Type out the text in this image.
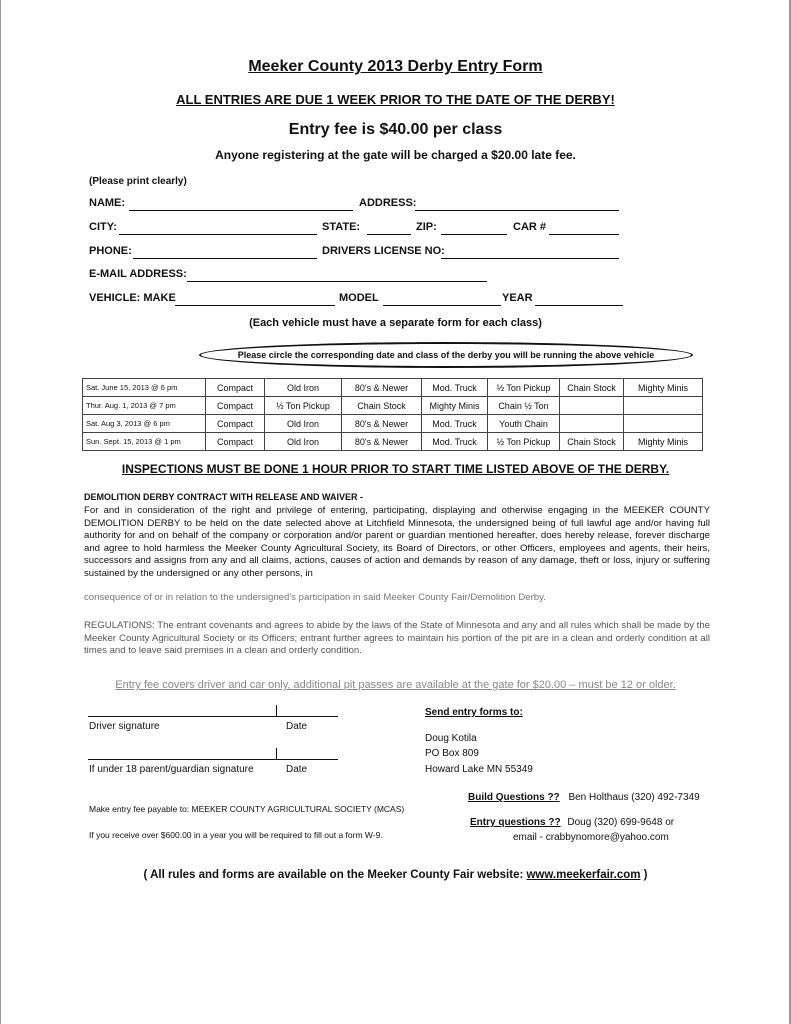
Meeker County 2013 Derby Entry Form
ALL ENTRIES ARE DUE 1 WEEK PRIOR TO THE DATE OF THE DERBY!
Entry fee is $40.00 per class
Anyone registering at the gate will be charged a $20.00 late fee.
(Please print clearly)
NAME:	ADDRESS:
CITY:	STATE:	ZIP:	CAR #
PHONE:	DRIVERS LICENSE NO:
E-MAIL ADDRESS:
VEHICLE: MAKE	MODEL	YEAR
(Each vehicle must have a separate form for each class)
Please circle the corresponding date and class of the derby you will be running the above vehicle
Sat. June 15, 2013 @ 6 pm	Compact	Old Iron	80's & Newer	Mod. Truck	½ Ton Pickup	Chain Stock	Mighty Minis
Thur. Aug. 1, 2013 @ 7 pm	Compact	½ Ton Pickup	Chain Stock	Mighty Minis	Chain ½ Ton		
Sat. Aug 3, 2013 @ 6 pm	Compact	Old Iron	80's & Newer	Mod. Truck	Youth Chain		
Sun. Sept. 15, 2013 @ 1 pm	Compact	Old Iron	80's & Newer	Mod. Truck	½ Ton Pickup	Chain Stock	Mighty Minis
INSPECTIONS MUST BE DONE 1 HOUR PRIOR TO START TIME LISTED ABOVE OF THE DERBY.
DEMOLITION DERBY CONTRACT WITH RELEASE AND WAIVER -
For and in consideration of the right and privilege of entering, participating, displaying and otherwise engaging in the MEEKER COUNTY DEMOLITION DERBY to be held on the date selected above at Litchfield Minnesota, the undersigned being of full lawful age and/or having full authority for and on behalf of the company or corporation and/or parent or guardian mentioned hereafter, does hereby release, forever discharge and agree to hold harmless the Meeker County Agricultural Society, its Board of Directors, or other Officers, employees and agents, their heirs, successors and assigns from any and all claims, actions, causes of action and demands by reason of any damage, theft or loss, injury or suffering sustained by the undersigned or any other persons, in
consequence of or in relation to the undersigned's participation in said Meeker County Fair/Demolition Derby.
REGULATIONS: The entrant covenants and agrees to abide by the laws of the State of Minnesota and any and all rules which shall be made by the Meeker County Agricultural Society or its Officers; entrant further agrees to maintain his portion of the pit are in a clean and orderly condition at all times and to leave said premises in a clean and orderly condition.
Entry fee covers driver and car only, additional pit passes are available at the gate for $20.00 – must be 12 or older.
Driver signature	Date
If under 18 parent/guardian signature	Date
Send entry forms to:
Doug Kotila
PO Box 809
Howard Lake MN 55349
Build Questions ?? Ben Holthaus (320) 492-7349
Make entry fee payable to: MEEKER COUNTY AGRICULTURAL SOCIETY (MCAS)
Entry questions ?? Doug (320) 699-9648 or
email - crabbynomore@yahoo.com
If you receive over $600.00 in a year you will be required to fill out a form W-9.
( All rules and forms are available on the Meeker County Fair website: www.meekerfair.com )
